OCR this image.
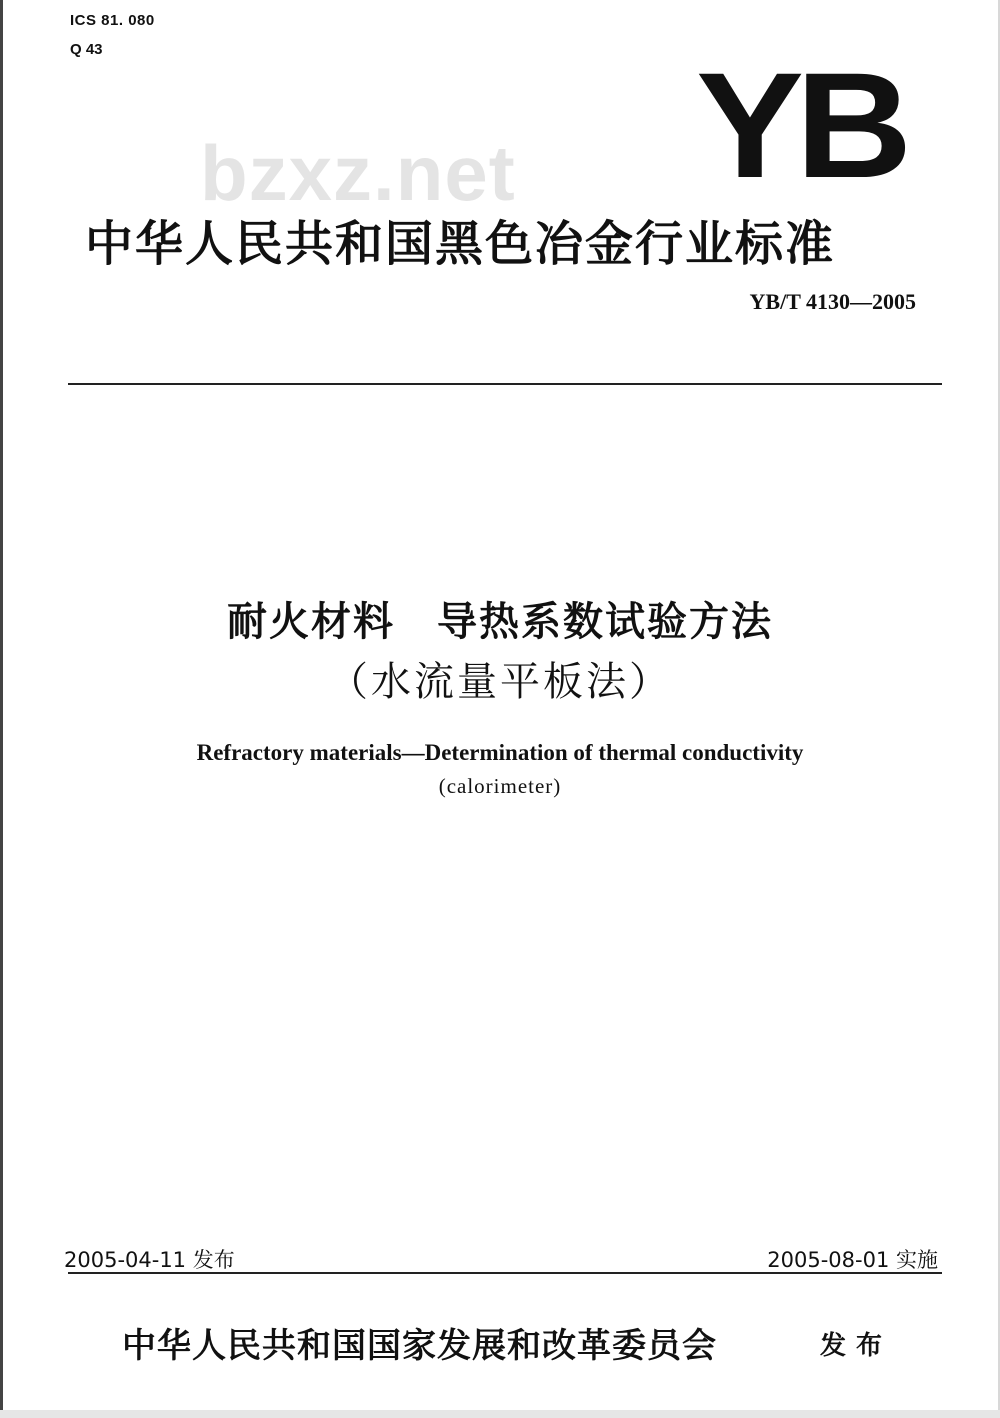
ICS 81. 080
Q 43
bzxz.net YB
中华人民共和国黑色冶金行业标准
YB/T 4130—2005
耐火材料　导热系数试验方法
（水流量平板法）
Refractory materials—Determination of thermal conductivity
(calorimeter)
2005-04-11 发布	2005-08-01 实施
中华人民共和国国家发展和改革委员会	发布
